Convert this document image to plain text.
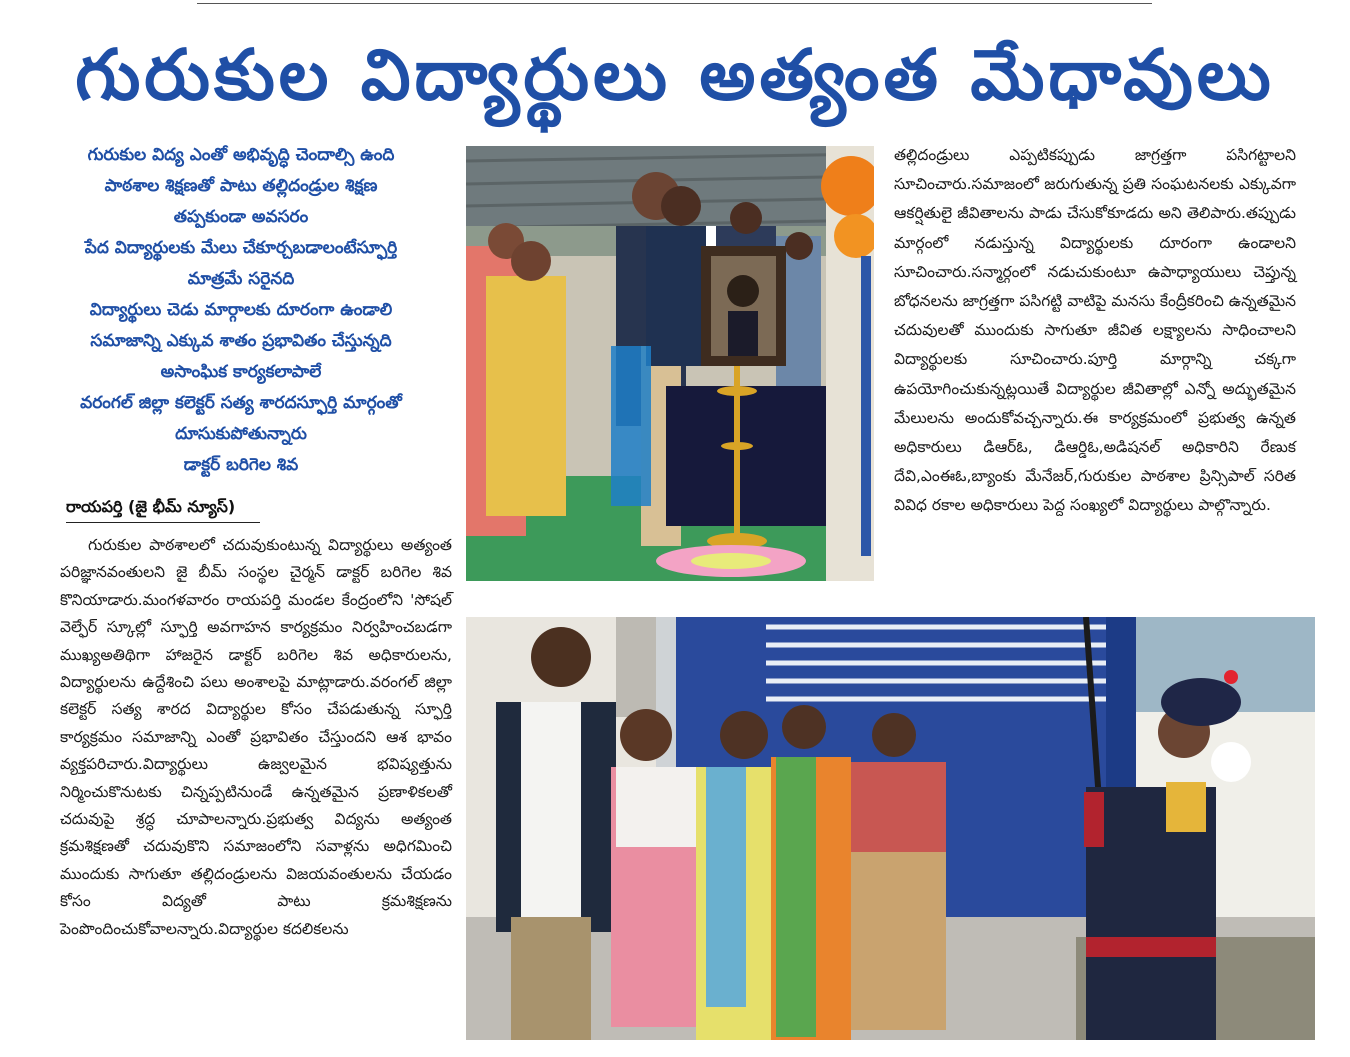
గురుకుల విద్యార్థులు అత్యంత మేధావులు
గురుకుల విద్య ఎంతో అభివృద్ధి చెందాల్సి ఉంది
పాఠశాల శిక్షణతో పాటు తల్లిదండ్రుల శిక్షణ
తప్పకుండా అవసరం
పేద విద్యార్థులకు మేలు చేకూర్చబడాలంటేస్ఫూర్తి
మాత్రమే సరైనది
విద్యార్థులు చెడు మార్గాలకు దూరంగా ఉండాలి
సమాజాన్ని ఎక్కువ శాతం ప్రభావితం చేస్తున్నది
అసాంఘిక కార్యకలాపాలే
వరంగల్ జిల్లా కలెక్టర్ సత్య శారదస్ఫూర్తి మార్గంతో
దూసుకుపోతున్నారు
డాక్టర్ బరిగెల శివ
రాయపర్తి (జై భీమ్ న్యూస్)

గురుకుల పాఠశాలలో చదువుకుంటున్న విద్యార్థులు అత్యంత పరిజ్ఞానవంతులని జై బీమ్ సంస్థల చైర్మన్ డాక్టర్ బరిగెల శివ కొనియాడారు.మంగళవారం రాయపర్తి మండల కేంద్రంలోని 'సోషల్ వెల్ఫేర్ స్కూల్లో స్ఫూర్తి అవగాహన కార్యక్రమం నిర్వహించబడగా ముఖ్యఅతిథిగా హాజరైన డాక్టర్ బరిగెల శివ అధికారులను, విద్యార్థులను ఉద్దేశించి పలు అంశాలపై మాట్లాడారు.వరంగల్ జిల్లా కలెక్టర్ సత్య శారద విద్యార్థుల కోసం చేపడుతున్న స్ఫూర్తి కార్యక్రమం సమాజాన్ని ఎంతో ప్రభావితం చేస్తుందని ఆశ భావం వ్యక్తపరిచారు.విద్యార్థులు ఉజ్వలమైన భవిష్యత్తును నిర్మించుకొనుటకు చిన్నప్పటినుండే ఉన్నతమైన ప్రణాళికలతో చదువుపై శ్రద్ధ చూపాలన్నారు.ప్రభుత్వ విద్యను అత్యంత క్రమశిక్షణతో చదువుకొని సమాజంలోని సవాళ్లను అధిగమించి ముందుకు సాగుతూ తల్లిదండ్రులను విజయవంతులను చేయడం కోసం విద్యతో పాటు క్రమశిక్షణను పెంపొందించుకోవాలన్నారు.విద్యార్థుల కదలికలను

తల్లిదండ్రులు ఎప్పటికప్పుడు జాగ్రత్తగా పసిగట్టాలని సూచించారు.సమాజంలో జరుగుతున్న ప్రతి సంఘటనలకు ఎక్కువగా ఆకర్షితులై జీవితాలను పాడు చేసుకోకూడదు అని తెలిపారు.తప్పుడు మార్గంలో నడుస్తున్న విద్యార్థులకు దూరంగా ఉండాలని సూచించారు.సన్మార్గంలో నడుచుకుంటూ ఉపాధ్యాయులు చెప్తున్న బోధనలను జాగ్రత్తగా పసిగట్టి వాటిపై మనసు కేంద్రీకరించి ఉన్నతమైన చదువులతో ముందుకు సాగుతూ జీవిత లక్ష్యాలను సాధించాలని విద్యార్థులకు సూచించారు.పూర్తి మార్గాన్ని చక్కగా ఉపయోగించుకున్నట్లయితే విద్యార్థుల జీవితాల్లో ఎన్నో అద్భుతమైన మేలులను అందుకోవచ్చన్నారు.ఈ కార్యక్రమంలో ప్రభుత్వ ఉన్నత అధికారులు డిఆర్ఓ, డిఆర్డిఓ,అడిషనల్ అధికారిని రేణుక దేవి,ఎంఈఓ,బ్యాంకు మేనేజర్,గురుకుల పాఠశాల ప్రిన్సిపాల్ సరిత వివిధ రకాల అధికారులు పెద్ద సంఖ్యలో విద్యార్థులు పాల్గొన్నారు.
